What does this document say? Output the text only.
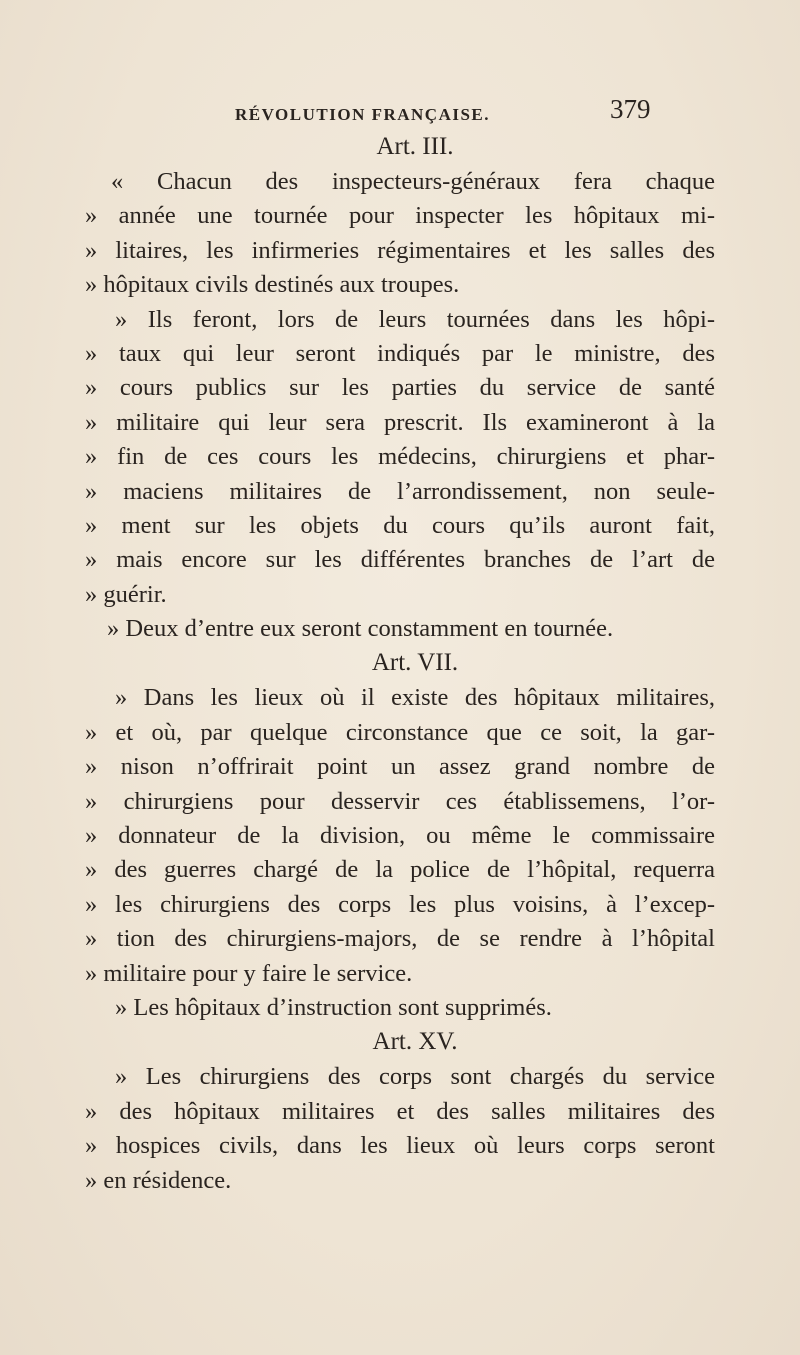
RÉVOLUTION FRANÇAISE.	379
Art. III.
« Chacun des inspecteurs-généraux fera chaque
» année une tournée pour inspecter les hôpitaux mi-
» litaires, les infirmeries régimentaires et les salles des
» hôpitaux civils destinés aux troupes.
» Ils feront, lors de leurs tournées dans les hôpi-
» taux qui leur seront indiqués par le ministre, des
» cours publics sur les parties du service de santé
» militaire qui leur sera prescrit. Ils examineront à la
» fin de ces cours les médecins, chirurgiens et phar-
» maciens militaires de l’arrondissement, non seule-
» ment sur les objets du cours qu’ils auront fait,
» mais encore sur les différentes branches de l’art de
» guérir.
» Deux d’entre eux seront constamment en tournée.
Art. VII.
» Dans les lieux où il existe des hôpitaux militaires,
» et où, par quelque circonstance que ce soit, la gar-
» nison n’offrirait point un assez grand nombre de
» chirurgiens pour desservir ces établissemens, l’or-
» donnateur de la division, ou même le commissaire
» des guerres chargé de la police de l’hôpital, requerra
» les chirurgiens des corps les plus voisins, à l’excep-
» tion des chirurgiens-majors, de se rendre à l’hôpital
» militaire pour y faire le service.
» Les hôpitaux d’instruction sont supprimés.
Art. XV.
» Les chirurgiens des corps sont chargés du service
» des hôpitaux militaires et des salles militaires des
» hospices civils, dans les lieux où leurs corps seront
» en résidence.
